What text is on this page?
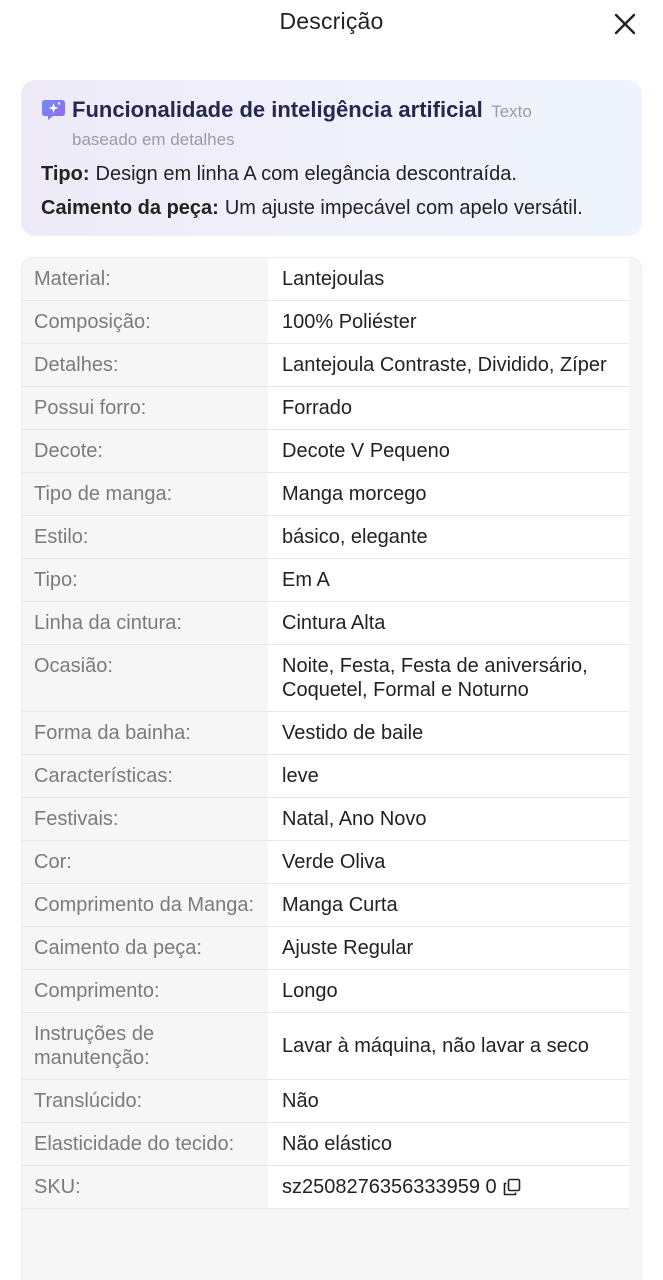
Descrição
Funcionalidade de inteligência artificial Texto
baseado em detalhes
Tipo: Design em linha A com elegância descontraída.
Caimento da peça: Um ajuste impecável com apelo versátil.
Material:	Lantejoulas
Composição:	100% Poliéster
Detalhes:	Lantejoula Contraste, Dividido, Zíper
Possui forro:	Forrado
Decote:	Decote V Pequeno
Tipo de manga:	Manga morcego
Estilo:	básico, elegante
Tipo:	Em A
Linha da cintura:	Cintura Alta
Ocasião:	Noite, Festa, Festa de aniversário, Coquetel, Formal e Noturno
Forma da bainha:	Vestido de baile
Características:	leve
Festivais:	Natal, Ano Novo
Cor:	Verde Oliva
Comprimento da Manga:	Manga Curta
Caimento da peça:	Ajuste Regular
Comprimento:	Longo
Instruções de manutenção:
Lavar à máquina, não lavar a seco
Translúcido:	Não
Elasticidade do tecido:	Não elástico
SKU:	sz2508276356333959 0
